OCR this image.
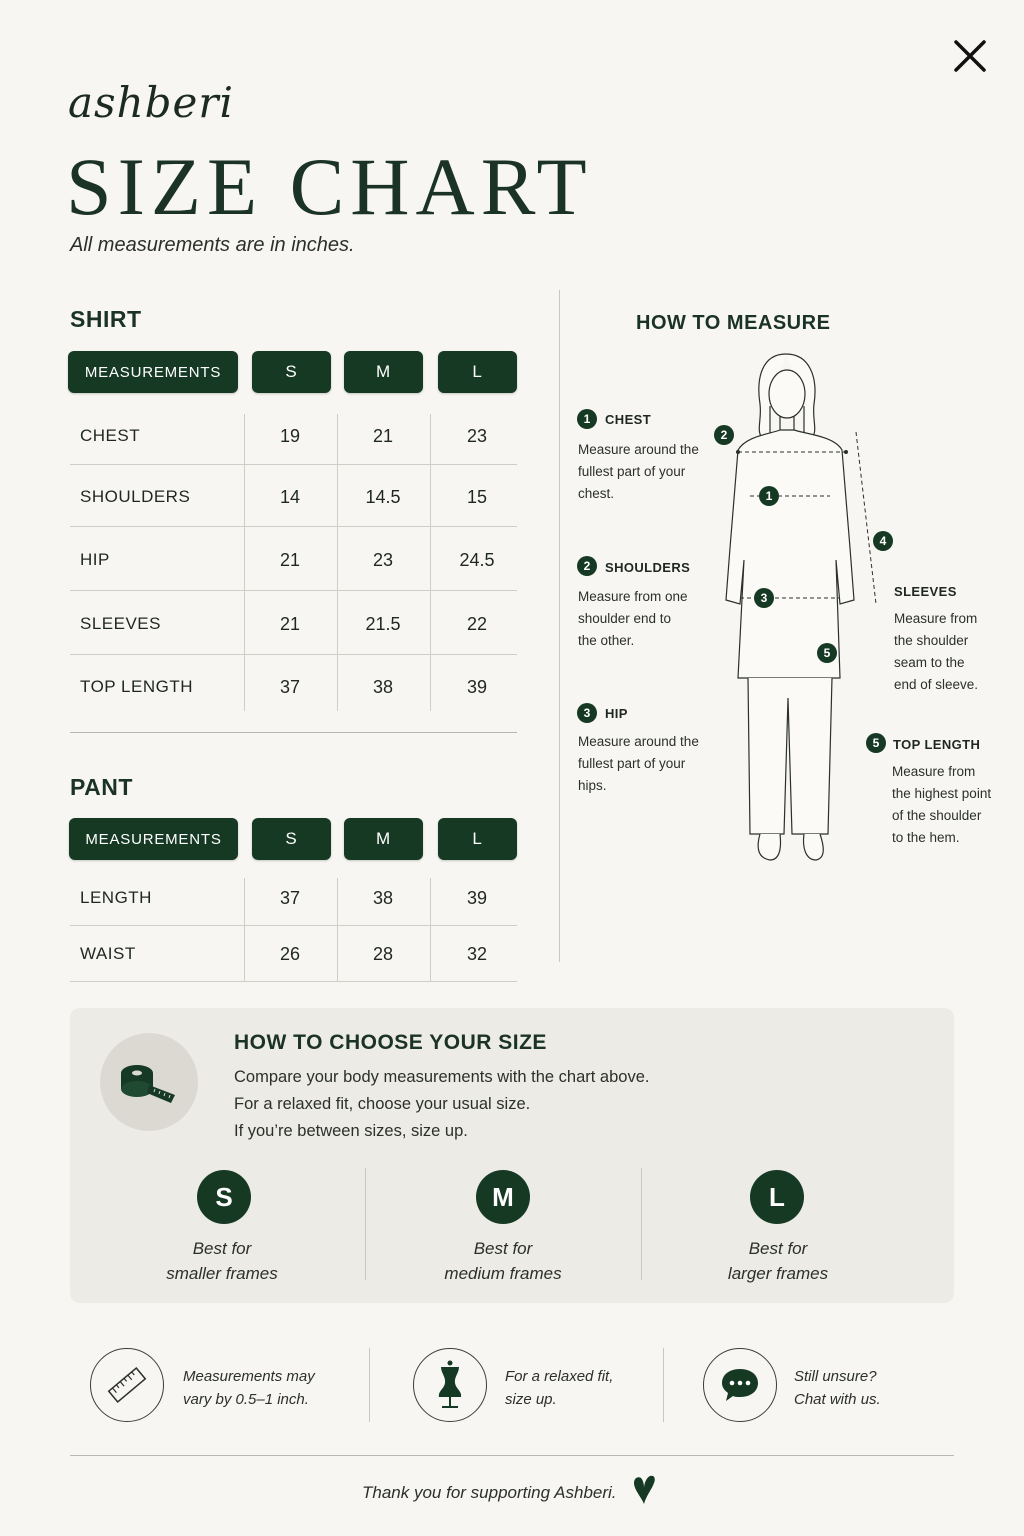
ashberi
SIZE CHART
All measurements are in inches.
SHIRT
MEASUREMENTS	S	M	L
CHEST	19	21	23
SHOULDERS	14	14.5	15
HIP	21	23	24.5
SLEEVES	21	21.5	22
TOP LENGTH	37	38	39
PANT
MEASUREMENTS	S	M	L
LENGTH	37	38	39
WAIST	26	28	32
HOW TO MEASURE
1	CHEST
Measure around the
fullest part of your
chest.
2	SHOULDERS
Measure from one
shoulder end to
the other.
3	HIP
Measure around the
fullest part of your
hips.
4
SLEEVES
Measure from
the shoulder
seam to the
end of sleeve.
5	TOP LENGTH
Measure from
the highest point
of the shoulder
to the hem.
2
1
3
5
HOW TO CHOOSE YOUR SIZE
Compare your body measurements with the chart above.
For a relaxed fit, choose your usual size.
If you’re between sizes, size up.
S
Best for
smaller frames
M
Best for
medium frames
L
Best for
larger frames
Measurements may
vary by 0.5–1 inch.
For a relaxed fit,
size up.
Still unsure?
Chat with us.
Thank you for supporting Ashberi.
